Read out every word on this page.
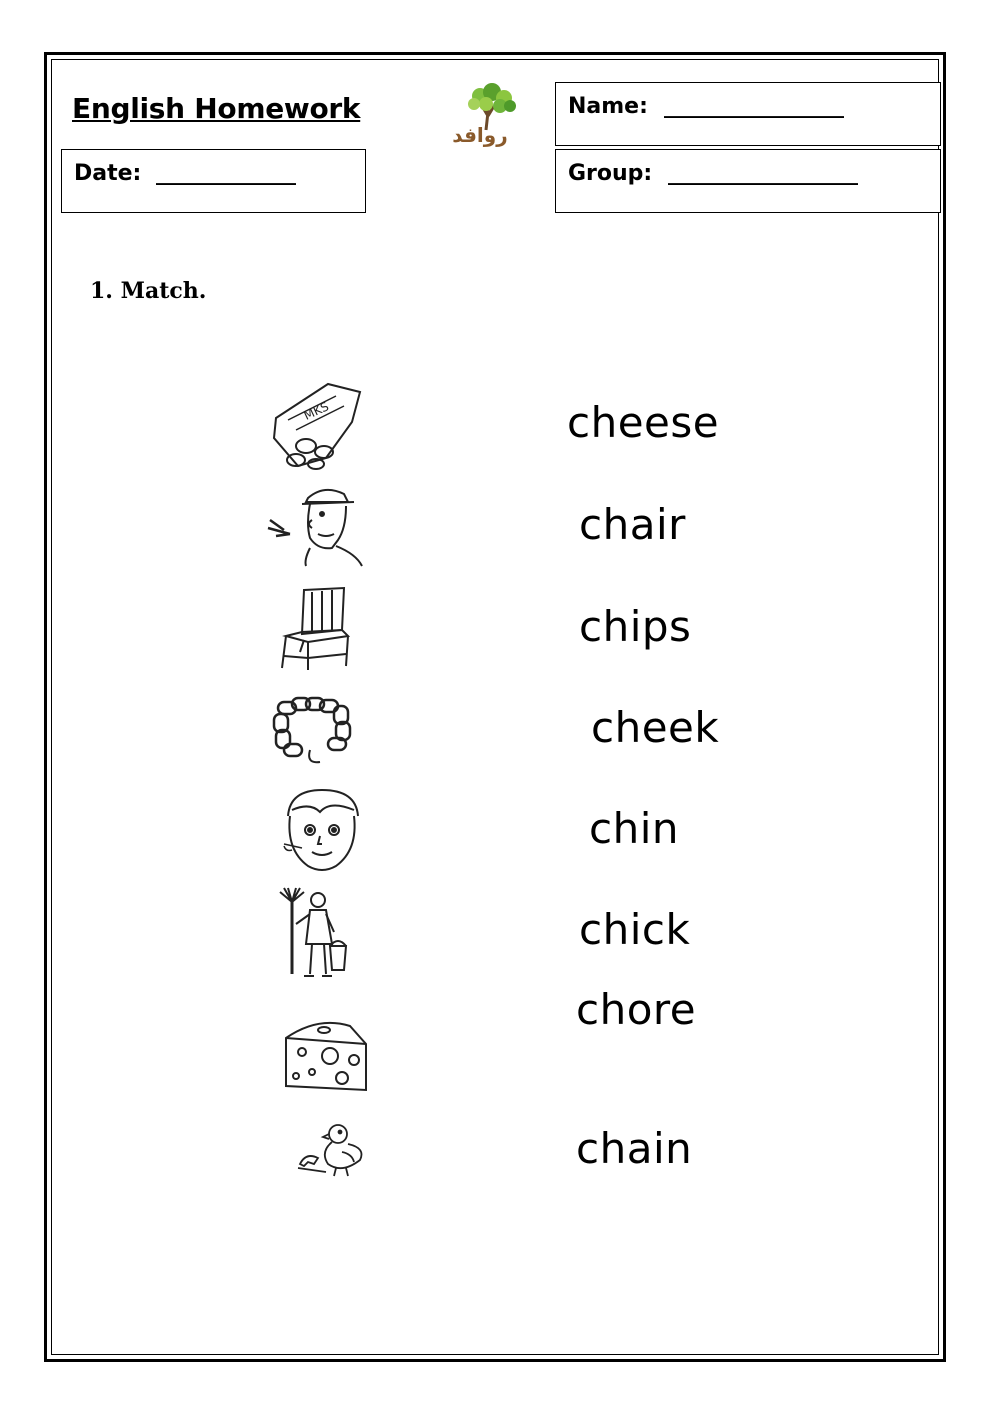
English Homework
روافد
Name: __________________
Date: ______________	Group: ___________________
1. Match.
MKS	cheese
chair
chips
cheek
chin
chick
chore
chain
